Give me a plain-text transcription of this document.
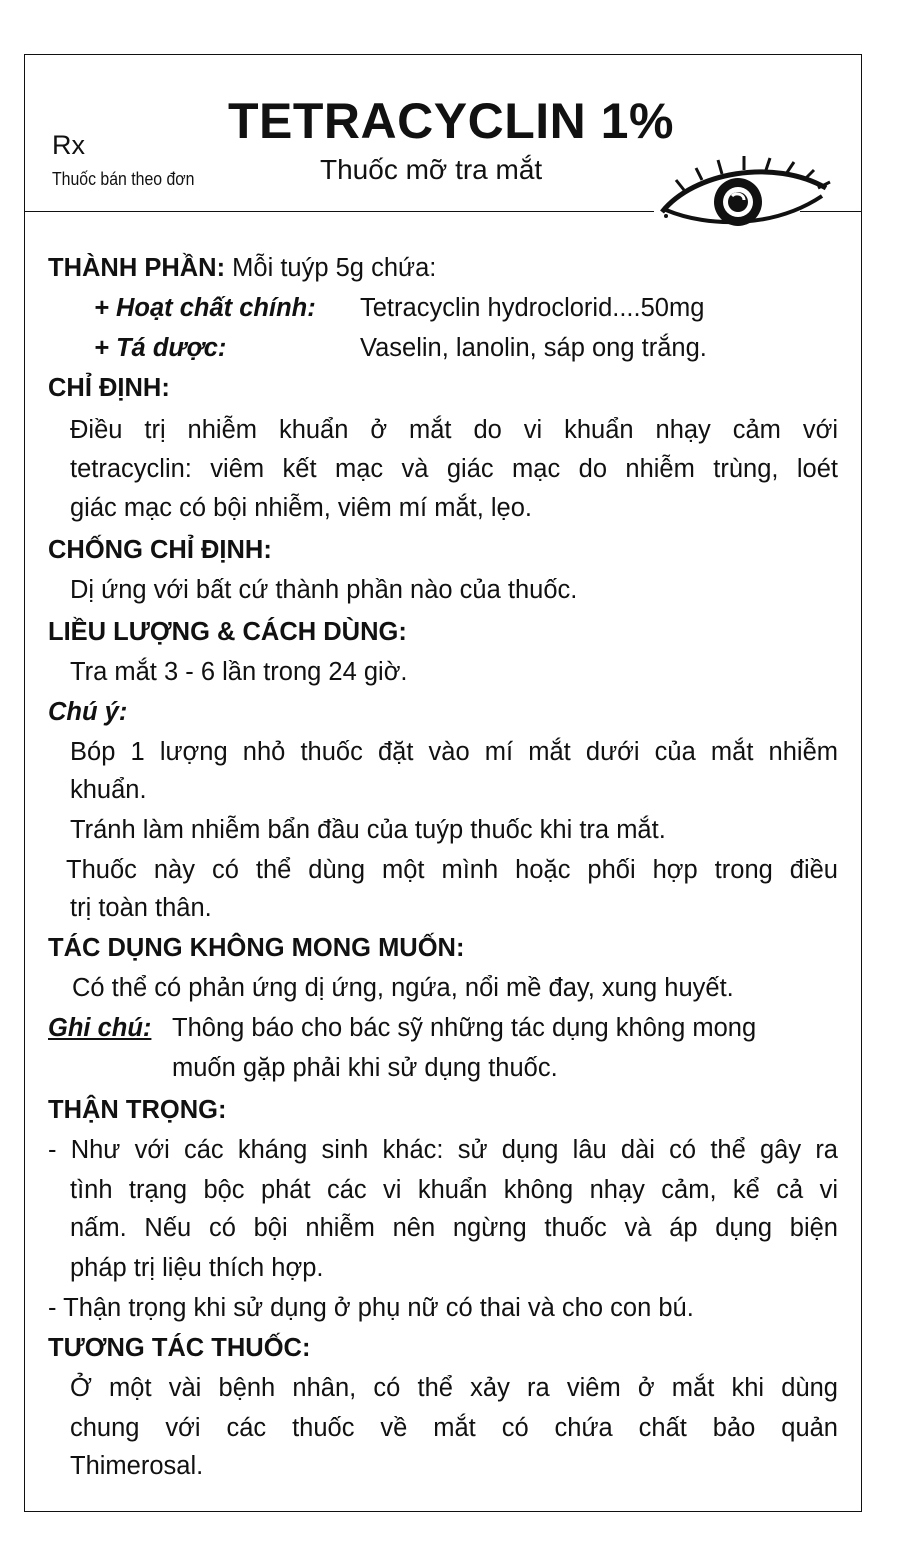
Rx
Thuốc bán theo đơn
TETRACYCLIN 1%
Thuốc mỡ tra mắt
THÀNH PHẦN: Mỗi tuýp 5g chứa:
+ Hoạt chất chính: Tetracyclin hydroclorid....50mg
+ Tá dược:	Vaselin, lanolin, sáp ong trắng.
CHỈ ĐỊNH:
Điều trị nhiễm khuẩn ở mắt do vi khuẩn nhạy cảm với
tetracyclin: viêm kết mạc và giác mạc do nhiễm trùng, loét
giác mạc có bội nhiễm, viêm mí mắt, lẹo.
CHỐNG CHỈ ĐỊNH:
Dị ứng với bất cứ thành phần nào của thuốc.
LIỀU LƯỢNG & CÁCH DÙNG:
Tra mắt 3 - 6 lần trong 24 giờ.
Chú ý:
Bóp 1 lượng nhỏ thuốc đặt vào mí mắt dưới của mắt nhiễm
khuẩn.
Tránh làm nhiễm bẩn đầu của tuýp thuốc khi tra mắt.
Thuốc này có thể dùng một mình hoặc phối hợp trong điều
trị toàn thân.
TÁC DỤNG KHÔNG MONG MUỐN:
Có thể có phản ứng dị ứng, ngứa, nổi mề đay, xung huyết.
Ghi chú: Thông báo cho bác sỹ những tác dụng không mong
muốn gặp phải khi sử dụng thuốc.
THẬN TRỌNG:
- Như với các kháng sinh khác: sử dụng lâu dài có thể gây ra
tình trạng bộc phát các vi khuẩn không nhạy cảm, kể cả vi
nấm. Nếu có bội nhiễm nên ngừng thuốc và áp dụng biện
pháp trị liệu thích hợp.
- Thận trọng khi sử dụng ở phụ nữ có thai và cho con bú.
TƯƠNG TÁC THUỐC:
Ở một vài bệnh nhân, có thể xảy ra viêm ở mắt khi dùng
chung với các thuốc về mắt có chứa chất bảo quản
Thimerosal.
